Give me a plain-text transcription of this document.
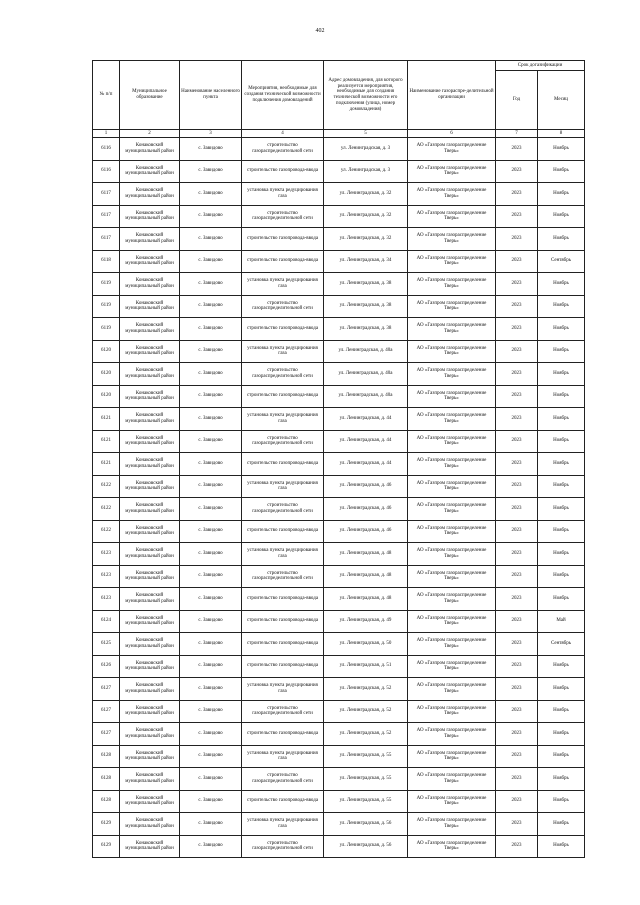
402
№ п/п	Муниципальное образование	Наименование населенного пункта	Мероприятия, необходимые для создания технической возможности подключения домовладений	Адрес домовладения, для которого реализуется мероприятия, необходимые для создания технической возможности его подключения (улица, номер домовладения)	Наименование газораспре-делительной организации	Срок догазификации	
						Год	Месяц
1	2	3	4	5	6	7	8
6116	Конаковский муниципальный район	с. Завидово	строительство газораспределительной сети	ул. Ленинградская, д. 3	АО «Газпром газораспределение Тверь»	2023	Ноябрь
6116	Конаковский муниципальный район	с. Завидово	строительство газопровода-ввода	ул. Ленинградская, д. 3	АО «Газпром газораспределение Тверь»	2023	Ноябрь
6117	Конаковский муниципальный район	с. Завидово	установка пункта редуцирования газа	ул. Ленинградская, д. 32	АО «Газпром газораспределение Тверь»	2023	Ноябрь
6117	Конаковский муниципальный район	с. Завидово	строительство газораспределительной сети	ул. Ленинградская, д. 32	АО «Газпром газораспределение Тверь»	2023	Ноябрь
6117	Конаковский муниципальный район	с. Завидово	строительство газопровода-ввода	ул. Ленинградская, д. 32	АО «Газпром газораспределение Тверь»	2023	Ноябрь
6118	Конаковский муниципальный район	с. Завидово	строительство газопровода-ввода	ул. Ленинградская, д. 34	АО «Газпром газораспределение Тверь»	2023	Сентябрь
6119	Конаковский муниципальный район	с. Завидово	установка пункта редуцирования газа	ул. Ленинградская, д. 38	АО «Газпром газораспределение Тверь»	2023	Ноябрь
6119	Конаковский муниципальный район	с. Завидово	строительство газораспределительной сети	ул. Ленинградская, д. 38	АО «Газпром газораспределение Тверь»	2023	Ноябрь
6119	Конаковский муниципальный район	с. Завидово	строительство газопровода-ввода	ул. Ленинградская, д. 38	АО «Газпром газораспределение Тверь»	2023	Ноябрь
6120	Конаковский муниципальный район	с. Завидово	установка пункта редуцирования газа	ул. Ленинградская, д. 40а	АО «Газпром газораспределение Тверь»	2023	Ноябрь
6120	Конаковский муниципальный район	с. Завидово	строительство газораспределительной сети	ул. Ленинградская, д. 40а	АО «Газпром газораспределение Тверь»	2023	Ноябрь
6120	Конаковский муниципальный район	с. Завидово	строительство газопровода-ввода	ул. Ленинградская, д. 40а	АО «Газпром газораспределение Тверь»	2023	Ноябрь
6121	Конаковский муниципальный район	с. Завидово	установка пункта редуцирования газа	ул. Ленинградская, д. 44	АО «Газпром газораспределение Тверь»	2023	Ноябрь
6121	Конаковский муниципальный район	с. Завидово	строительство газораспределительной сети	ул. Ленинградская, д. 44	АО «Газпром газораспределение Тверь»	2023	Ноябрь
6121	Конаковский муниципальный район	с. Завидово	строительство газопровода-ввода	ул. Ленинградская, д. 44	АО «Газпром газораспределение Тверь»	2023	Ноябрь
6122	Конаковский муниципальный район	с. Завидово	установка пункта редуцирования газа	ул. Ленинградская, д. 46	АО «Газпром газораспределение Тверь»	2023	Ноябрь
6122	Конаковский муниципальный район	с. Завидово	строительство газораспределительной сети	ул. Ленинградская, д. 46	АО «Газпром газораспределение Тверь»	2023	Ноябрь
6122	Конаковский муниципальный район	с. Завидово	строительство газопровода-ввода	ул. Ленинградская, д. 46	АО «Газпром газораспределение Тверь»	2023	Ноябрь
6123	Конаковский муниципальный район	с. Завидово	установка пункта редуцирования газа	ул. Ленинградская, д. 48	АО «Газпром газораспределение Тверь»	2023	Ноябрь
6123	Конаковский муниципальный район	с. Завидово	строительство газораспределительной сети	ул. Ленинградская, д. 48	АО «Газпром газораспределение Тверь»	2023	Ноябрь
6123	Конаковский муниципальный район	с. Завидово	строительство газопровода-ввода	ул. Ленинградская, д. 48	АО «Газпром газораспределение Тверь»	2023	Ноябрь
6124	Конаковский муниципальный район	с. Завидово	строительство газопровода-ввода	ул. Ленинградская, д. 49	АО «Газпром газораспределение Тверь»	2023	Май
6125	Конаковский муниципальный район	с. Завидово	строительство газопровода-ввода	ул. Ленинградская, д. 50	АО «Газпром газораспределение Тверь»	2023	Сентябрь
6126	Конаковский муниципальный район	с. Завидово	строительство газопровода-ввода	ул. Ленинградская, д. 51	АО «Газпром газораспределение Тверь»	2023	Ноябрь
6127	Конаковский муниципальный район	с. Завидово	установка пункта редуцирования газа	ул. Ленинградская, д. 52	АО «Газпром газораспределение Тверь»	2023	Ноябрь
6127	Конаковский муниципальный район	с. Завидово	строительство газораспределительной сети	ул. Ленинградская, д. 52	АО «Газпром газораспределение Тверь»	2023	Ноябрь
6127	Конаковский муниципальный район	с. Завидово	строительство газопровода-ввода	ул. Ленинградская, д. 52	АО «Газпром газораспределение Тверь»	2023	Ноябрь
6128	Конаковский муниципальный район	с. Завидово	установка пункта редуцирования газа	ул. Ленинградская, д. 55	АО «Газпром газораспределение Тверь»	2023	Ноябрь
6128	Конаковский муниципальный район	с. Завидово	строительство газораспределительной сети	ул. Ленинградская, д. 55	АО «Газпром газораспределение Тверь»	2023	Ноябрь
6128	Конаковский муниципальный район	с. Завидово	строительство газопровода-ввода	ул. Ленинградская, д. 55	АО «Газпром газораспределение Тверь»	2023	Ноябрь
6129	Конаковский муниципальный район	с. Завидово	установка пункта редуцирования газа	ул. Ленинградская, д. 56	АО «Газпром газораспределение Тверь»	2023	Ноябрь
6129	Конаковский муниципальный район	с. Завидово	строительство газораспределительной сети	ул. Ленинградская, д. 56	АО «Газпром газораспределение Тверь»	2023	Ноябрь
